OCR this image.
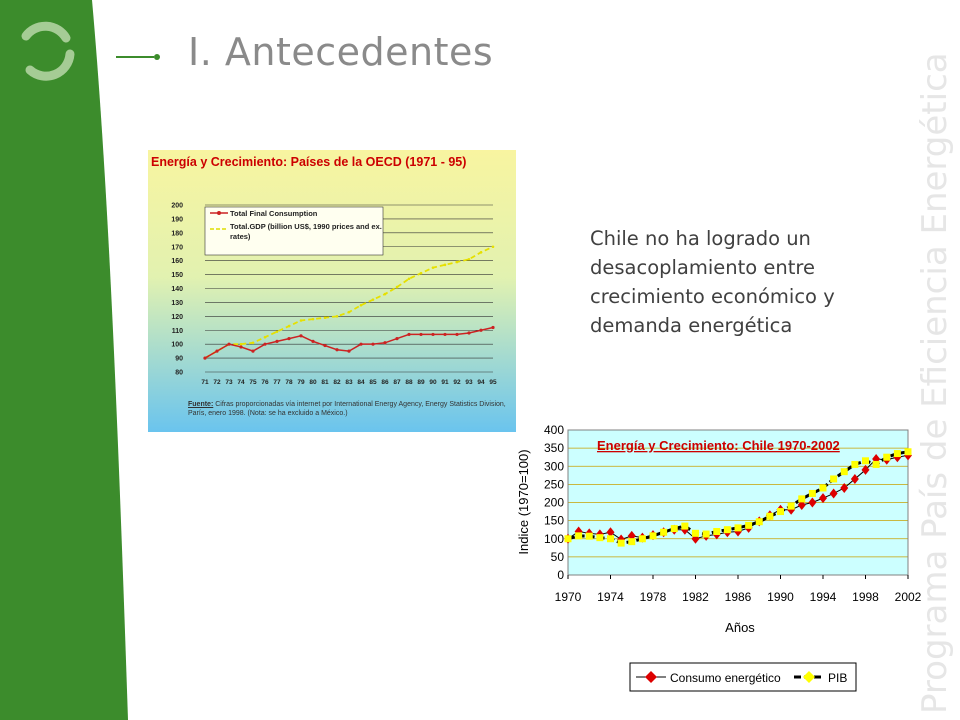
Programa País de Eficiencia Energética
I. Antecedentes
Chile no ha logrado un desacoplamiento entre crecimiento económico y demanda energética
Energía y Crecimiento: Países de la OECD (1971 - 95)
80
90
100
110
120
130
140
150
160
170
180
190
200
71 72 73 74 75 76 77 78 79 80 81 82 83 84 85 86 87 88 89 90 91 92 93 94 95
Total Final Consumption
Total.GDP (billion US$, 1990 prices and ex. rates)
Fuente: Cifras proporcionadas vía internet por International Energy Agency, Energy Statistics Division, París, enero 1998. (Nota: se ha excluido a México.)
Energía y Crecimiento: Chile 1970-2002
0
50
100
150
200
250
300
350
400
1970 1974 1978 1982 1986 1990 1994 1998 2002
Indice (1970=100)
Años
Consumo energético	PIB
